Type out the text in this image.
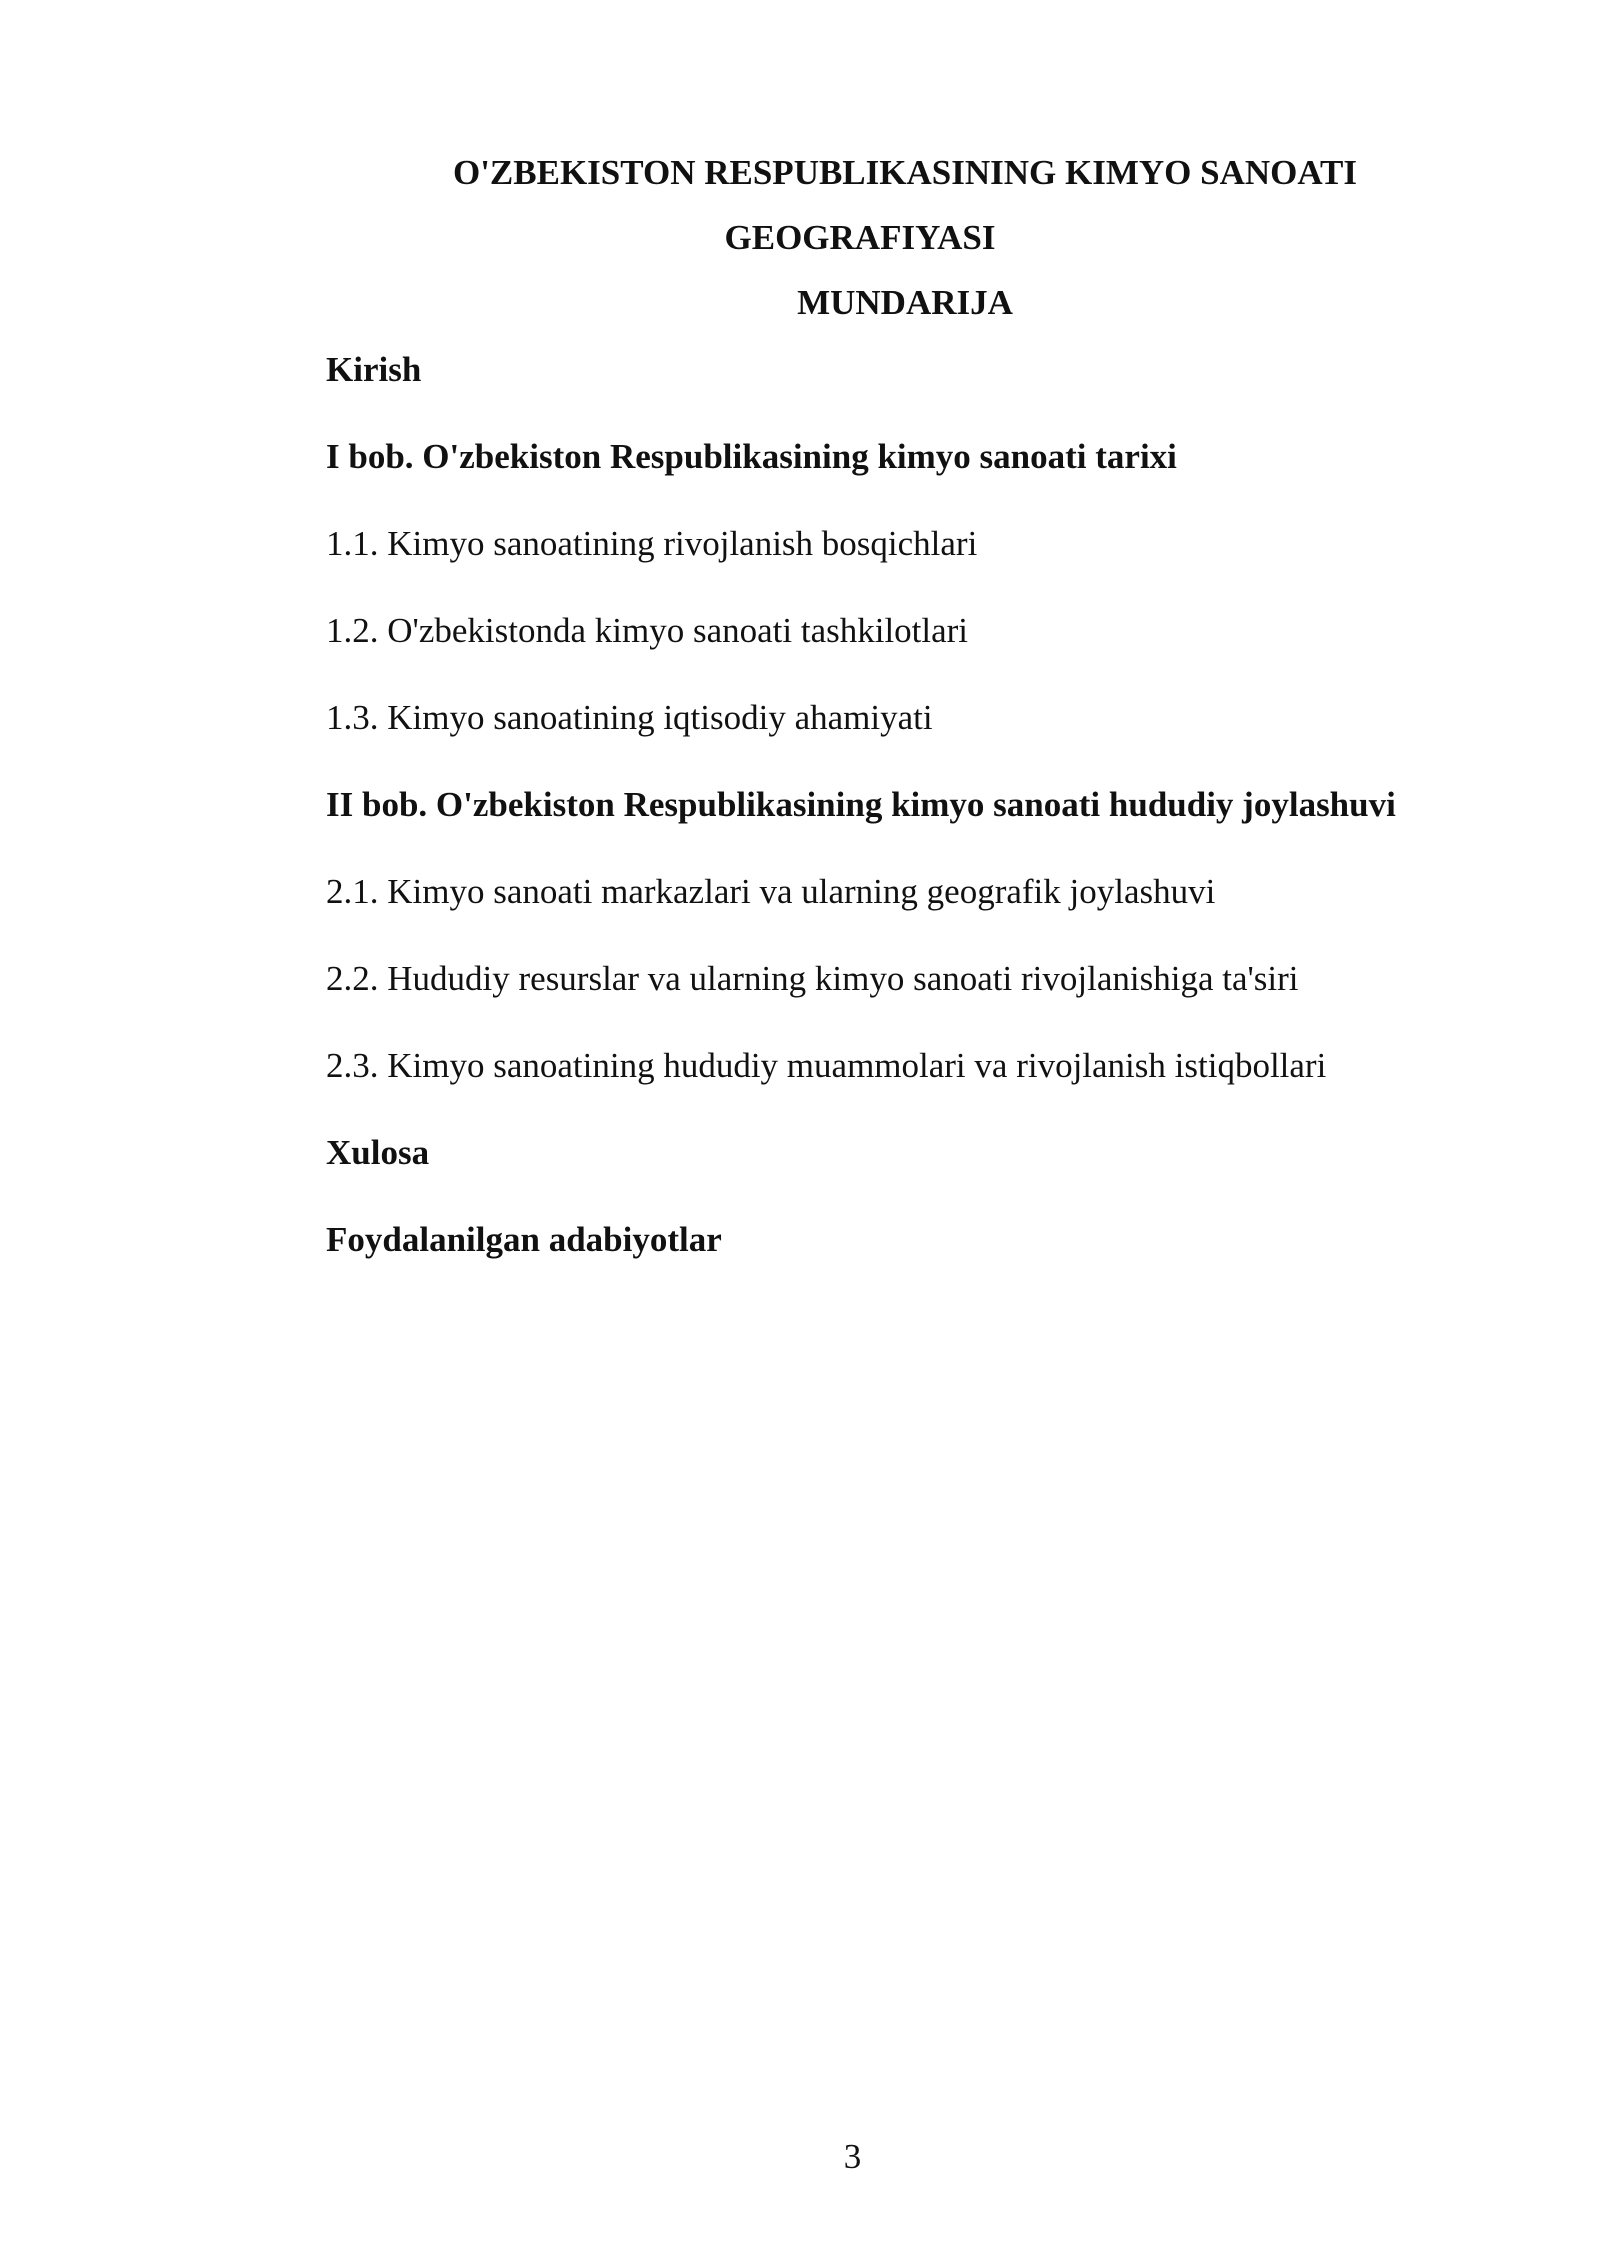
O'ZBEKISTON RESPUBLIKASINING KIMYO SANOATI
GEOGRAFIYASI
MUNDARIJA
Kirish
I bob. O'zbekiston Respublikasining kimyo sanoati tarixi
1.1. Kimyo sanoatining rivojlanish bosqichlari
1.2. O'zbekistonda kimyo sanoati tashkilotlari
1.3. Kimyo sanoatining iqtisodiy ahamiyati
II bob. O'zbekiston Respublikasining kimyo sanoati hududiy joylashuvi
2.1. Kimyo sanoati markazlari va ularning geografik joylashuvi
2.2. Hududiy resurslar va ularning kimyo sanoati rivojlanishiga ta'siri
2.3. Kimyo sanoatining hududiy muammolari va rivojlanish istiqbollari
Xulosa
Foydalanilgan adabiyotlar
3
